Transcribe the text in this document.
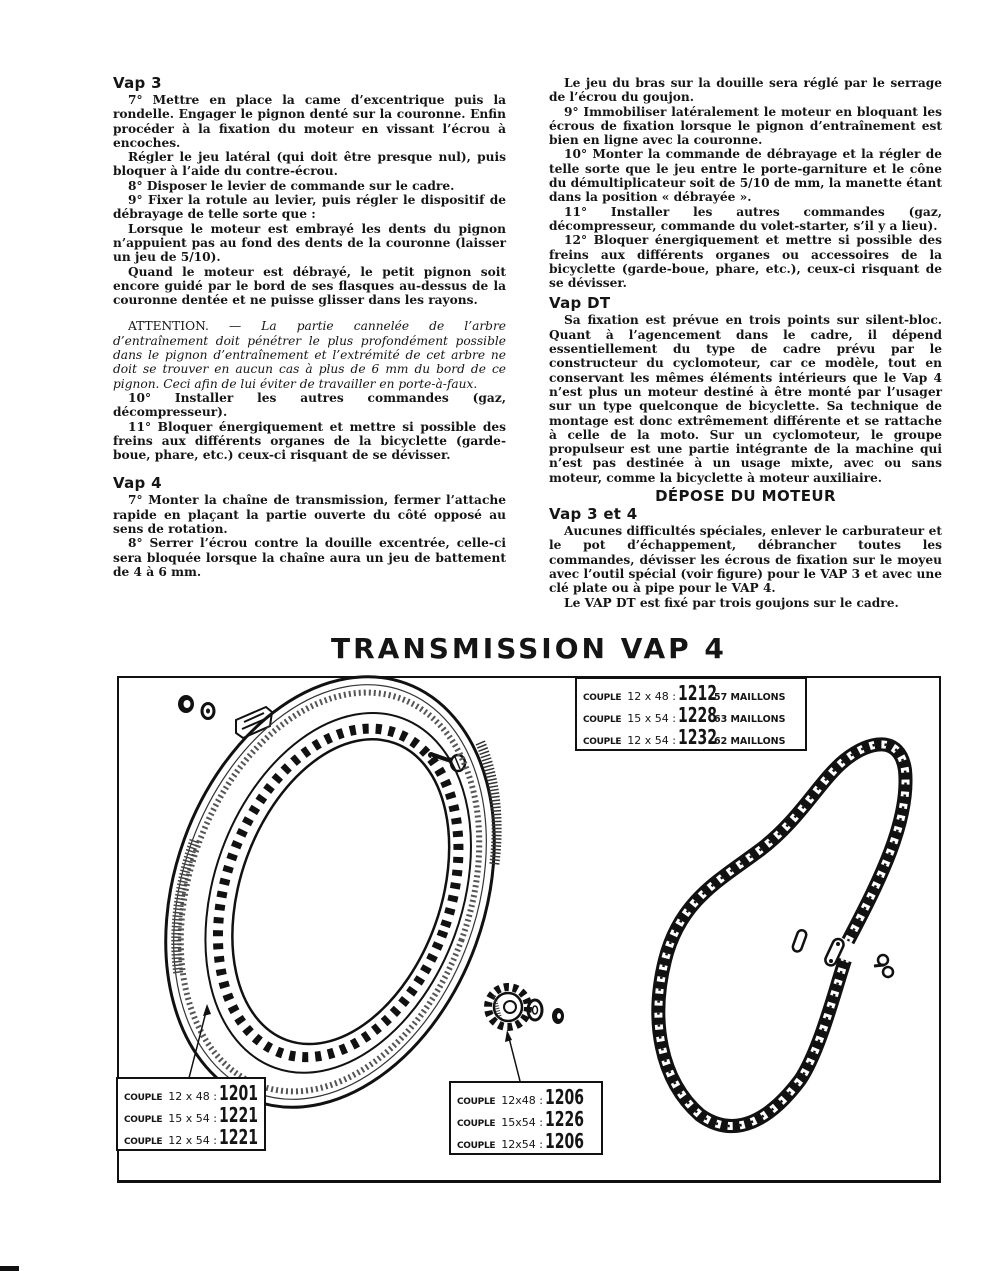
Vap 3

7° Mettre en place la came d’excentrique puis la rondelle. Engager le pignon denté sur la couronne. Enfin procéder à la fixation du moteur en vissant l’écrou à encoches.

Régler le jeu latéral (qui doit être presque nul), puis bloquer à l’aide du contre-écrou.

8° Disposer le levier de commande sur le cadre.

9° Fixer la rotule au levier, puis régler le dispositif de débrayage de telle sorte que :

Lorsque le moteur est embrayé les dents du pignon n’appuient pas au fond des dents de la couronne (laisser un jeu de 5/10).

Quand le moteur est débrayé, le petit pignon soit encore guidé par le bord de ses flasques au-dessus de la couronne dentée et ne puisse glisser dans les rayons.

ATTENTION. — La partie cannelée de l’arbre d’entraînement doit pénétrer le plus profondément possible dans le pignon d’entraînement et l’extrémité de cet arbre ne doit se trouver en aucun cas à plus de 6 mm du bord de ce pignon. Ceci afin de lui éviter de travailler en porte-à-faux.

10° Installer les autres commandes (gaz, décompresseur).

11° Bloquer énergiquement et mettre si possible des freins aux différents organes de la bicyclette (garde-boue, phare, etc.) ceux-ci risquant de se dévisser.

Vap 4

7° Monter la chaîne de transmission, fermer l’attache rapide en plaçant la partie ouverte du côté opposé au sens de rotation.

8° Serrer l’écrou contre la douille excentrée, celle-ci sera bloquée lorsque la chaîne aura un jeu de battement de 4 à 6 mm.

Le jeu du bras sur la douille sera réglé par le serrage de l’écrou du goujon.

9° Immobiliser latéralement le moteur en bloquant les écrous de fixation lorsque le pignon d’entraînement est bien en ligne avec la couronne.

10° Monter la commande de débrayage et la régler de telle sorte que le jeu entre le porte-garniture et le cône du démultiplicateur soit de 5/10 de mm, la manette étant dans la position « débrayée ».

11° Installer les autres commandes (gaz, décompresseur, commande du volet-starter, s’il y a lieu).

12° Bloquer énergiquement et mettre si possible des freins aux différents organes ou accessoires de la bicyclette (garde-boue, phare, etc.), ceux-ci risquant de se dévisser.

Vap DT

Sa fixation est prévue en trois points sur silent-bloc. Quant à l’agencement dans le cadre, il dépend essentiellement du type de cadre prévu par le constructeur du cyclomoteur, car ce modèle, tout en conservant les mêmes éléments intérieurs que le Vap 4 n’est plus un moteur destiné à être monté par l’usager sur un type quelconque de bicyclette. Sa technique de montage est donc extrêmement différente et se rattache à celle de la moto. Sur un cyclomoteur, le groupe propulseur est une partie intégrante de la machine qui n’est pas destinée à un usage mixte, avec ou sans moteur, comme la bicyclette à moteur auxiliaire.

DÉPOSE DU MOTEUR
Vap 3 et 4

Aucunes difficultés spéciales, enlever le carburateur et le pot d’échappement, débrancher toutes les commandes, dévisser les écrous de fixation sur le moyeu avec l’outil spécial (voir figure) pour le VAP 3 et avec une clé plate ou à pipe pour le VAP 4.

Le VAP DT est fixé par trois goujons sur le cadre.

TRANSMISSION VAP 4
COUPLE 12 x 48 : 1212
57 MAILLONS
COUPLE 15 x 54 : 1228
63 MAILLONS
COUPLE 12 x 54 : 1232
62 MAILLONS
COUPLE 12 x 48 : 1201
COUPLE 15 x 54 : 1221
COUPLE 12 x 54 : 1221
COUPLE 12x48 : 1206
COUPLE 15x54 : 1226
COUPLE 12x54 : 1206
